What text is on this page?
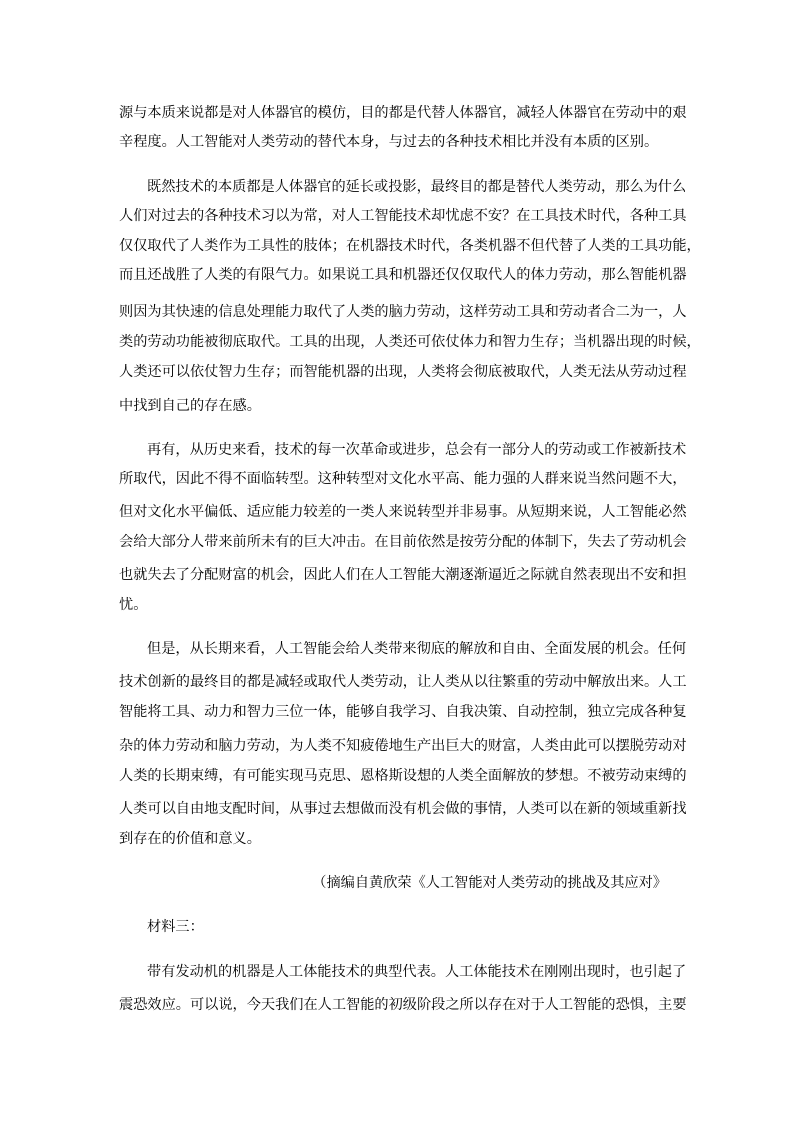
源与本质来说都是对人体器官的模仿，目的都是代替人体器官，减轻人体器官在劳动中的艰
辛程度。人工智能对人类劳动的替代本身，与过去的各种技术相比并没有本质的区别。
既然技术的本质都是人体器官的延长或投影，最终目的都是替代人类劳动，那么为什么
人们对过去的各种技术习以为常，对人工智能技术却忧虑不安？在工具技术时代，各种工具
仅仅取代了人类作为工具性的肢体；在机器技术时代，各类机器不但代替了人类的工具功能，
而且还战胜了人类的有限气力。如果说工具和机器还仅仅取代人的体力劳动，那么智能机器
则因为其快速的信息处理能力取代了人类的脑力劳动，这样劳动工具和劳动者合二为一，人
类的劳动功能被彻底取代。工具的出现，人类还可依仗体力和智力生存；当机器出现的时候，
人类还可以依仗智力生存；而智能机器的出现，人类将会彻底被取代，人类无法从劳动过程
中找到自己的存在感。
再有，从历史来看，技术的每一次革命或进步，总会有一部分人的劳动或工作被新技术
所取代，因此不得不面临转型。这种转型对文化水平高、能力强的人群来说当然问题不大，
但对文化水平偏低、适应能力较差的一类人来说转型并非易事。从短期来说，人工智能必然
会给大部分人带来前所未有的巨大冲击。在目前依然是按劳分配的体制下，失去了劳动机会
也就失去了分配财富的机会，因此人们在人工智能大潮逐渐逼近之际就自然表现出不安和担
忧。
但是，从长期来看，人工智能会给人类带来彻底的解放和自由、全面发展的机会。任何
技术创新的最终目的都是减轻或取代人类劳动，让人类从以往繁重的劳动中解放出来。人工
智能将工具、动力和智力三位一体，能够自我学习、自我决策、自动控制，独立完成各种复
杂的体力劳动和脑力劳动，为人类不知疲倦地生产出巨大的财富，人类由此可以摆脱劳动对
人类的长期束缚，有可能实现马克思、恩格斯设想的人类全面解放的梦想。不被劳动束缚的
人类可以自由地支配时间，从事过去想做而没有机会做的事情，人类可以在新的领域重新找
到存在的价值和意义。
（摘编自黄欣荣《人工智能对人类劳动的挑战及其应对》
材料三：
带有发动机的机器是人工体能技术的典型代表。人工体能技术在刚刚出现时，也引起了
震恐效应。可以说，今天我们在人工智能的初级阶段之所以存在对于人工智能的恐惧，主要
